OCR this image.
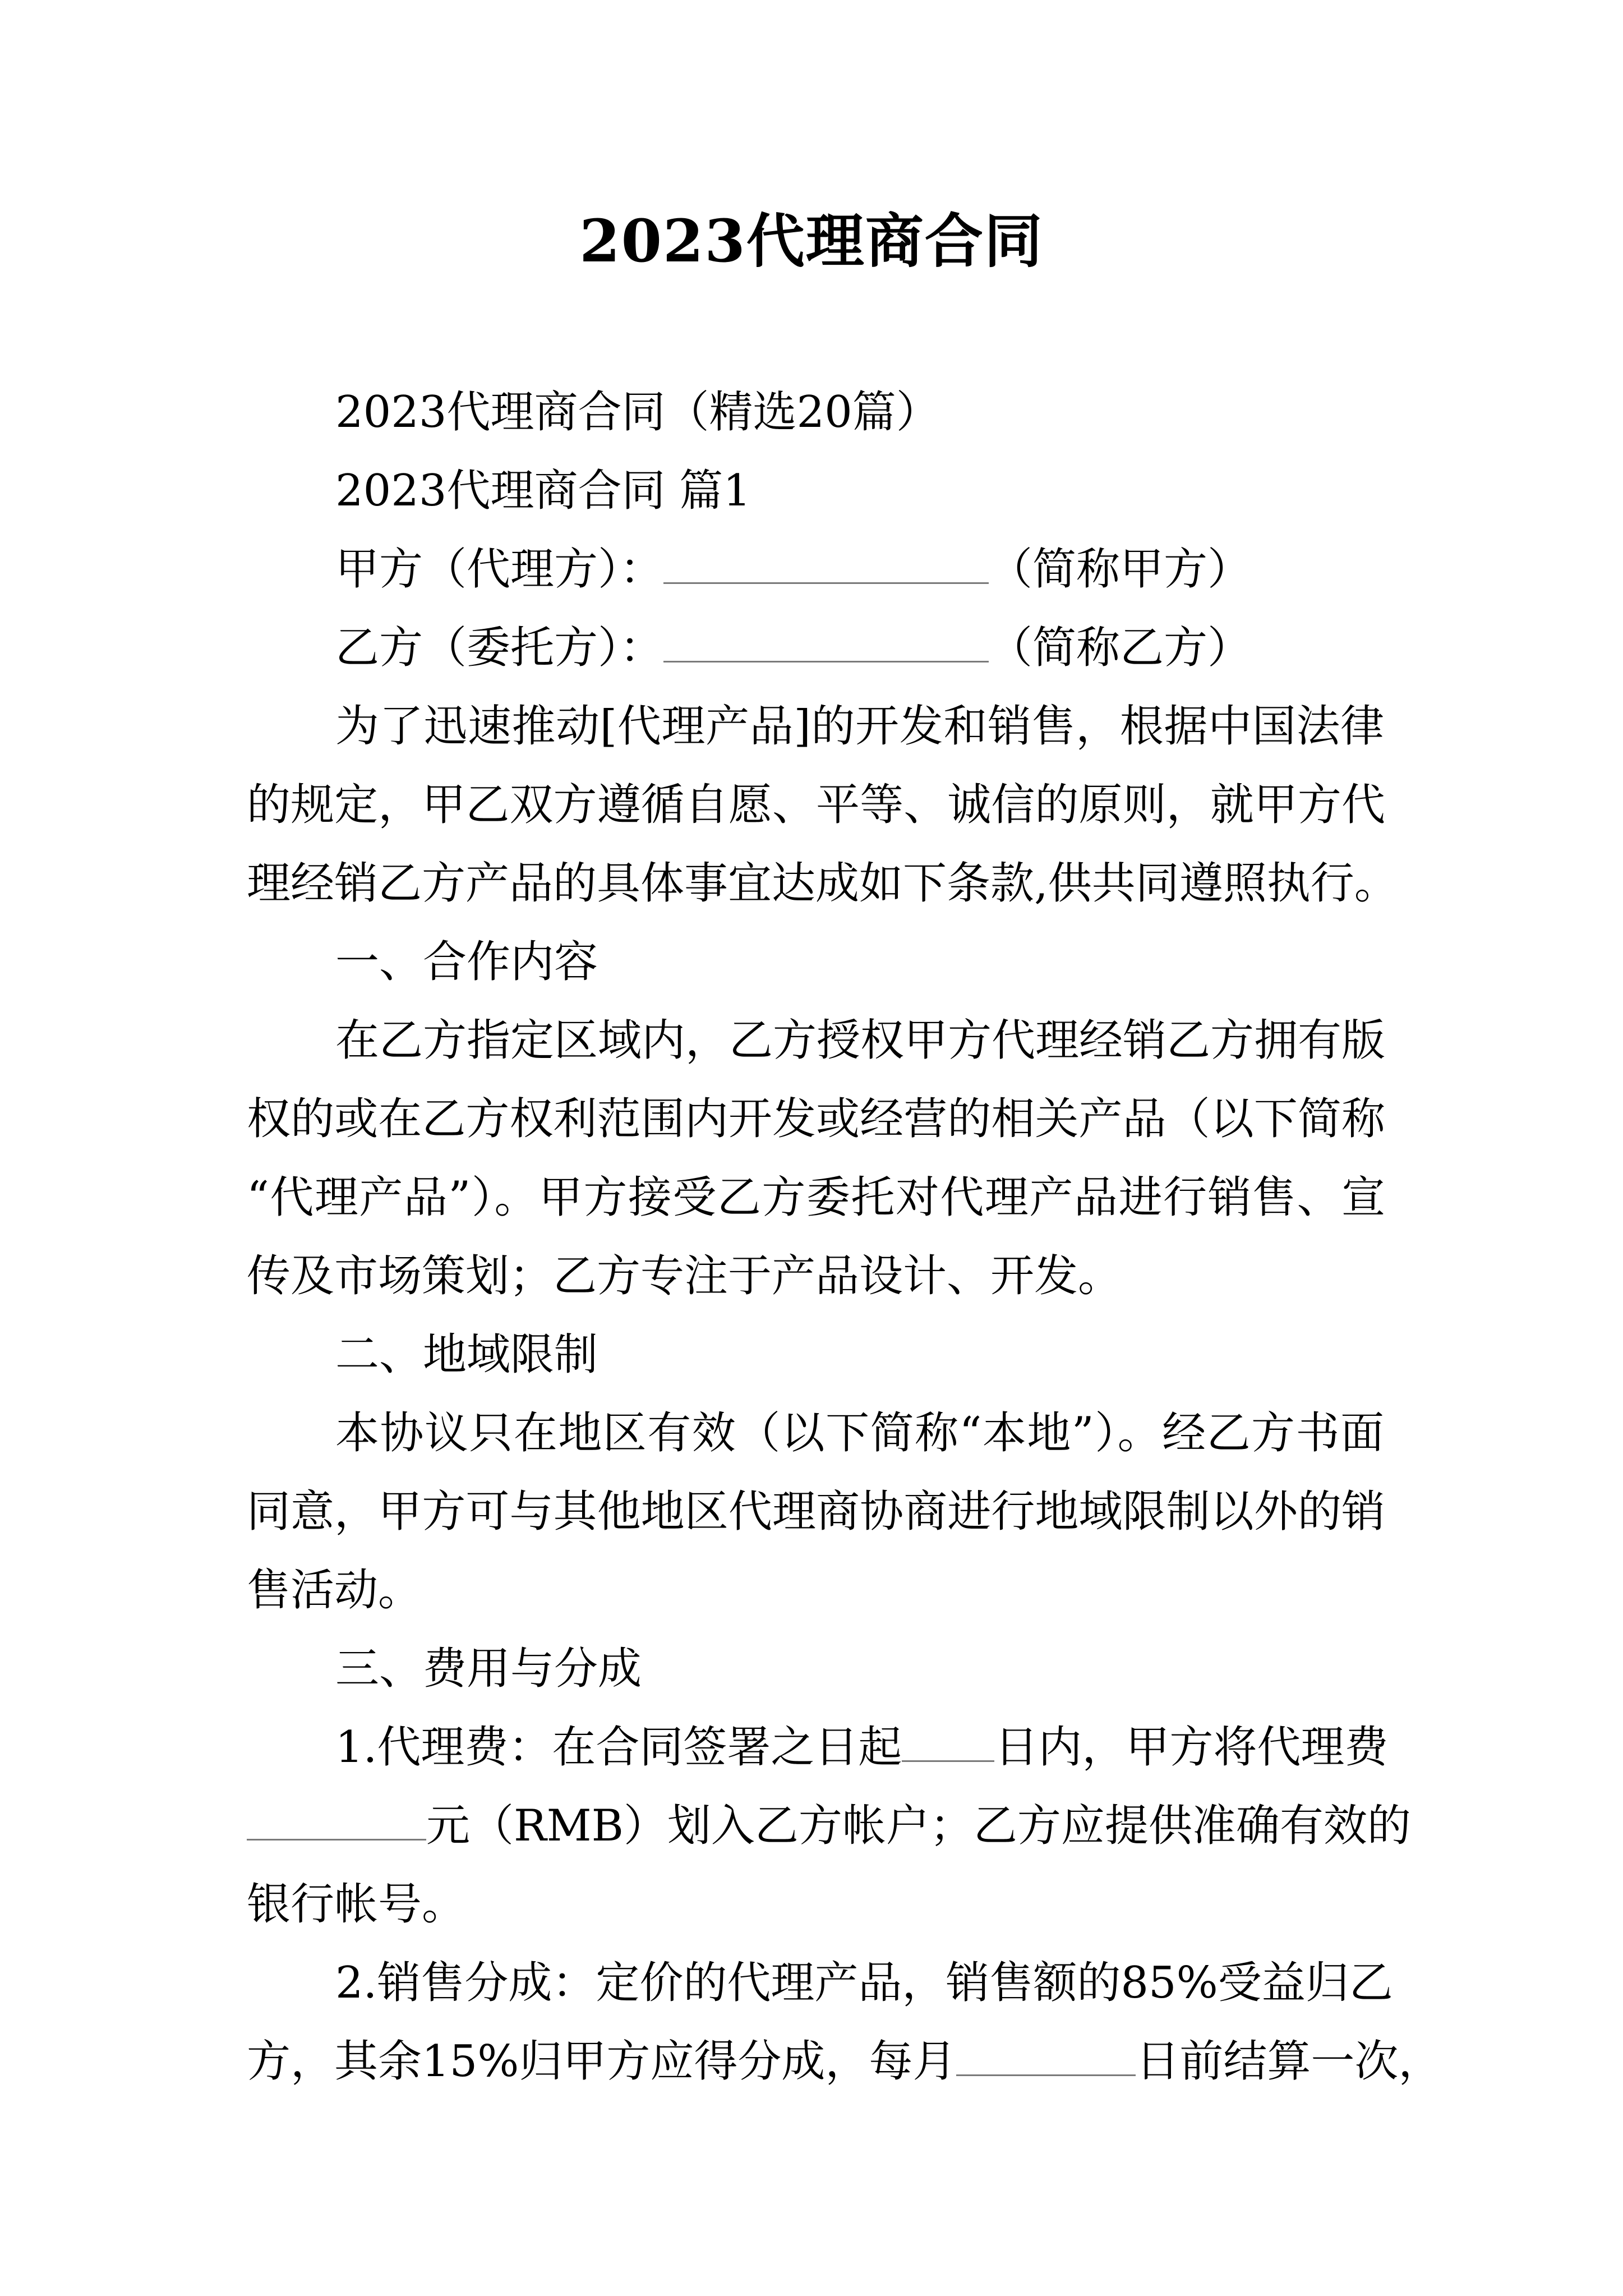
2023代理商合同
2023代理商合同（精选20篇）
2023代理商合同 篇1
甲方（代理方）：	（简称甲方）
乙方（委托方）：	（简称乙方）
为了迅速推动[代理产品]的开发和销售，根据中国法律
的规定，甲乙双方遵循自愿、平等、诚信的原则，就甲方代
理经销乙方产品的具体事宜达成如下条款,供共同遵照执行。
一、合作内容
在乙方指定区域内，乙方授权甲方代理经销乙方拥有版
权的或在乙方权利范围内开发或经营的相关产品（以下简称
“代理产品”）。甲方接受乙方委托对代理产品进行销售、宣
传及市场策划；乙方专注于产品设计、开发。
二、地域限制
本协议只在地区有效（以下简称“本地”）。经乙方书面
同意，甲方可与其他地区代理商协商进行地域限制以外的销
售活动。
三、费用与分成
1.代理费：在合同签署之日起 日内，甲方将代理费
元（RMB）划入乙方帐户；乙方应提供准确有效的
银行帐号。
2.销售分成：定价的代理产品，销售额的85%受益归乙
方，其余15%归甲方应得分成，每月	日前结算一次，
